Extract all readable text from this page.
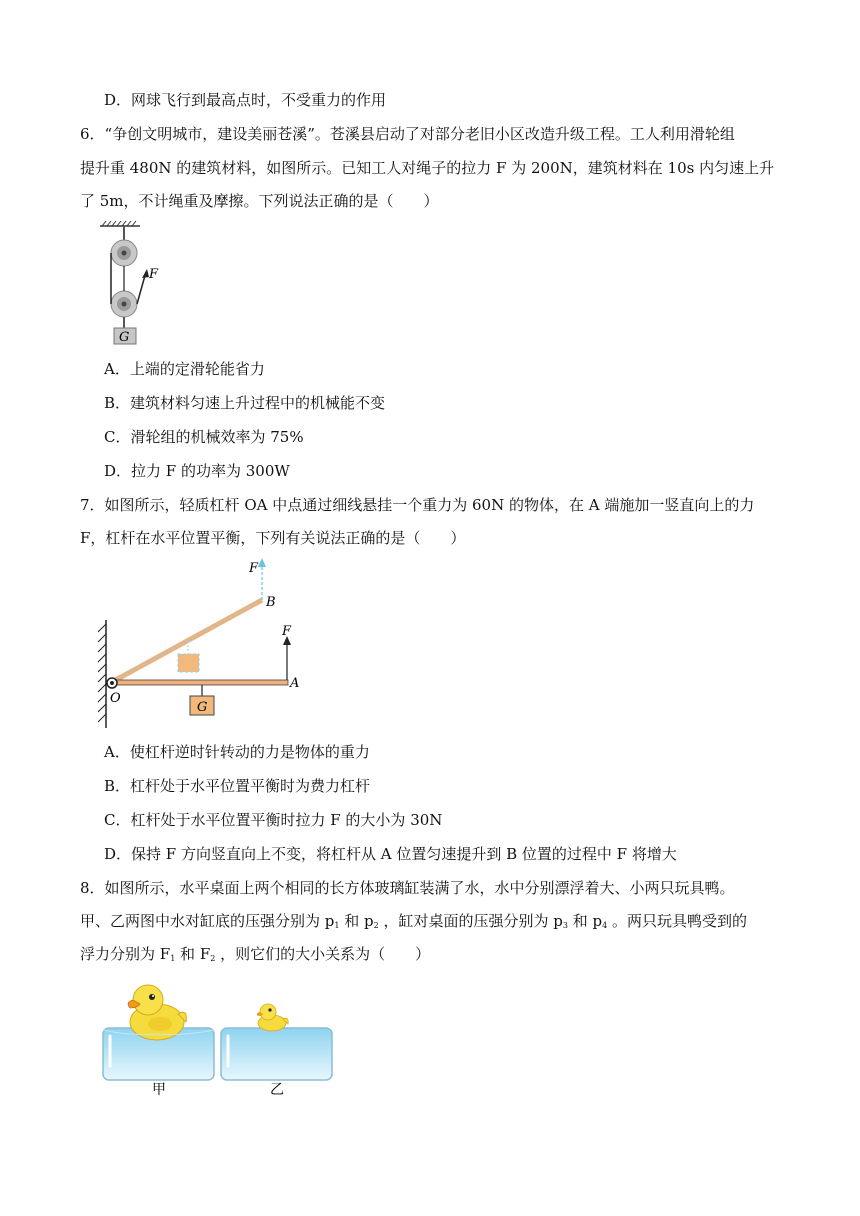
D．网球飞行到最高点时，不受重力的作用
6．“争创文明城市，建设美丽苍溪”。苍溪县启动了对部分老旧小区改造升级工程。工人利用滑轮组
提升重 480N 的建筑材料，如图所示。已知工人对绳子的拉力 F 为 200N，建筑材料在 10s 内匀速上升
了 5m，不计绳重及摩擦。下列说法正确的是（　　）
F
G
A．上端的定滑轮能省力
B．建筑材料匀速上升过程中的机械能不变
C．滑轮组的机械效率为 75%
D．拉力 F 的功率为 300W
7．如图所示，轻质杠杆 OA 中点通过细线悬挂一个重力为 60N 的物体，在 A 端施加一竖直向上的力
F，杠杆在水平位置平衡，下列有关说法正确的是（　　）
F
B
O
F
A
G
A．使杠杆逆时针转动的力是物体的重力
B．杠杆处于水平位置平衡时为费力杠杆
C．杠杆处于水平位置平衡时拉力 F 的大小为 30N
D．保持 F 方向竖直向上不变，将杠杆从 A 位置匀速提升到 B 位置的过程中 F 将增大
8．如图所示，水平桌面上两个相同的长方体玻璃缸装满了水，水中分别漂浮着大、小两只玩具鸭。
甲、乙两图中水对缸底的压强分别为 $p_1$ 和 $p_2$ ，缸对桌面的压强分别为 $p_3$ 和 $p_4$ 。两只玩具鸭受到的
浮力分别为 $F_1$ 和 $F_2$ ，则它们的大小关系为（　　）
甲	乙
